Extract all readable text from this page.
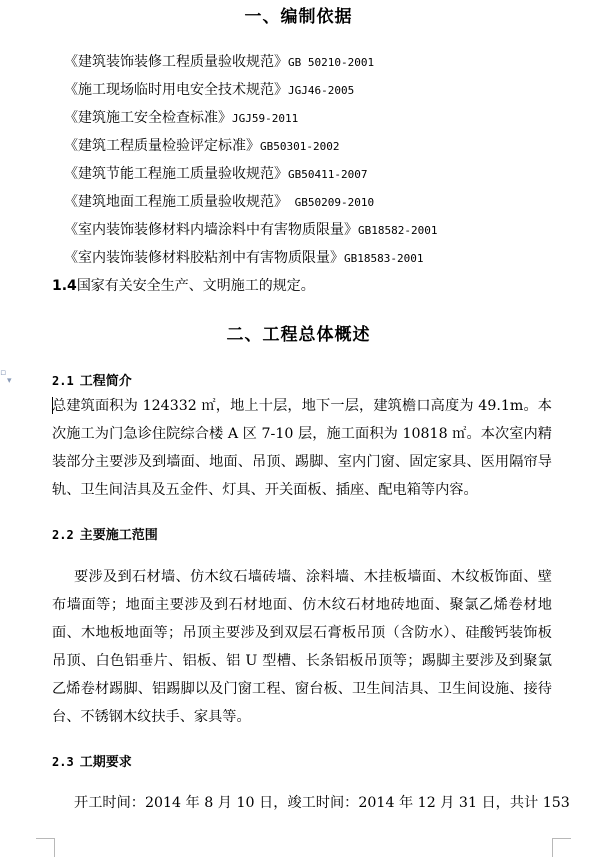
一、编制依据
《建筑装饰装修工程质量验收规范》GB 50210-2001
《施工现场临时用电安全技术规范》JGJ46-2005
《建筑施工安全检查标准》JGJ59-2011
《建筑工程质量检验评定标准》GB50301-2002
《建筑节能工程施工质量验收规范》GB50411-2007
《建筑地面工程施工质量验收规范》 GB50209-2010
《室内装饰装修材料内墙涂料中有害物质限量》GB18582-2001
《室内装饰装修材料胶粘剂中有害物质限量》GB18583-2001
1.4国家有关安全生产、文明施工的规定。
二、工程总体概述
▫
▾	2.1 工程简介

总建筑面积为 124332 ㎡，地上十层，地下一层，建筑檐口高度为 49.1m。本次施工为门急诊住院综合楼 A 区 7-10 层，施工面积为 10818 ㎡。本次室内精装部分主要涉及到墙面、地面、吊顶、踢脚、室内门窗、固定家具、医用隔帘导轨、卫生间洁具及五金件、灯具、开关面板、插座、配电箱等内容。

2.2 主要施工范围

要涉及到石材墙、仿木纹石墙砖墙、涂料墙、木挂板墙面、木纹板饰面、壁布墙面等；地面主要涉及到石材地面、仿木纹石材地砖地面、聚氯乙烯卷材地面、木地板地面等；吊顶主要涉及到双层石膏板吊顶（含防水）、硅酸钙装饰板吊顶、白色铝垂片、铝板、铝 U 型槽、长条铝板吊顶等；踢脚主要涉及到聚氯乙烯卷材踢脚、铝踢脚以及门窗工程、窗台板、卫生间洁具、卫生间设施、接待台、不锈钢木纹扶手、家具等。

2.3 工期要求

开工时间：2014 年 8 月 10 日，竣工时间：2014 年 12 月 31 日，共计 153
